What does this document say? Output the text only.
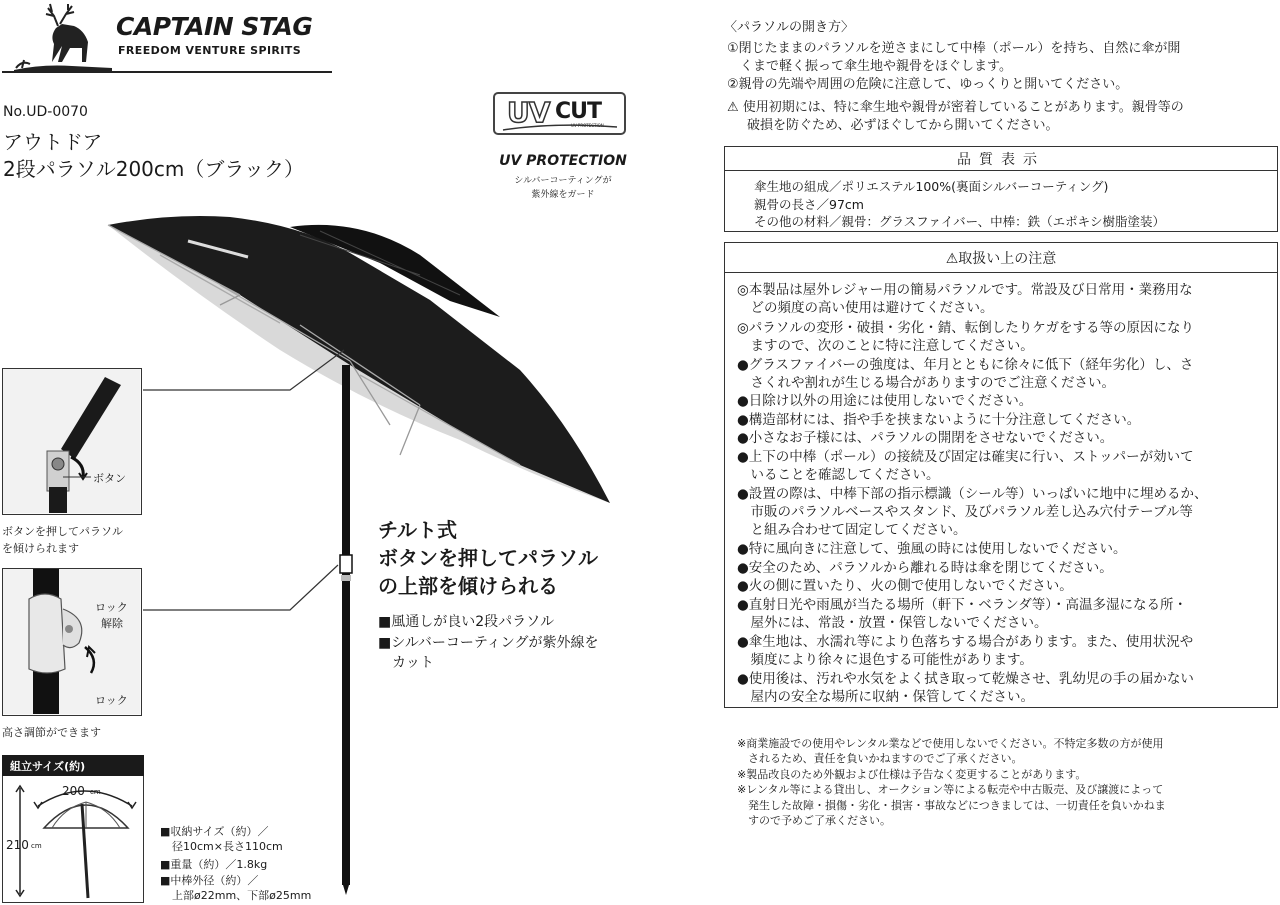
CAPTAIN STAG
FREEDOM VENTURE SPIRITS
No.UD-0070
アウトドア
2段パラソル200cm（ブラック）
UV CUT
UV PROTECTION
UV PROTECTION
シルバーコーティングが
紫外線をガード
ボタン
ボタンを押してパラソル
を傾けられます
ロック
解除
ロック
高さ調節ができます
組立サイズ(約)
200 cm
210 cm
■収納サイズ（約）／
径10cm×長さ110cm
■重量（約）／1.8kg
■中棒外径（約）／
上部ø22mm、下部ø25mm
チルト式
ボタンを押してパラソル
の上部を傾けられる
■風通しが良い2段パラソル
■シルバーコーティングが紫外線を
カット
〈パラソルの開き方〉
①閉じたままのパラソルを逆さまにして中棒（ポール）を持ち、自然に傘が開
くまで軽く振って傘生地や親骨をほぐします。
②親骨の先端や周囲の危険に注意して、ゆっくりと開いてください。
⚠ 使用初期には、特に傘生地や親骨が密着していることがあります。親骨等の
破損を防ぐため、必ずほぐしてから開いてください。
品質表示
傘生地の組成／ポリエステル100%(裏面シルバーコーティング)
親骨の長さ／97cm
その他の材料／親骨：グラスファイバー、中棒：鉄（エポキシ樹脂塗装）
⚠取扱い上の注意
◎本製品は屋外レジャー用の簡易パラソルです。常設及び日常用・業務用な
　どの頻度の高い使用は避けてください。
◎パラソルの変形・破損・劣化・錆、転倒したりケガをする等の原因になり
　ますので、次のことに特に注意してください。
●グラスファイバーの強度は、年月とともに徐々に低下（経年劣化）し、さ
　さくれや割れが生じる場合がありますのでご注意ください。
●日除け以外の用途には使用しないでください。
●構造部材には、指や手を挟まないように十分注意してください。
●小さなお子様には、パラソルの開閉をさせないでください。
●上下の中棒（ポール）の接続及び固定は確実に行い、ストッパーが効いて
　いることを確認してください。
●設置の際は、中棒下部の指示標識（シール等）いっぱいに地中に埋めるか、
　市販のパラソルベースやスタンド、及びパラソル差し込み穴付テーブル等
　と組み合わせて固定してください。
●特に風向きに注意して、強風の時には使用しないでください。
●安全のため、パラソルから離れる時は傘を閉じてください。
●火の側に置いたり、火の側で使用しないでください。
●直射日光や雨風が当たる場所（軒下・ベランダ等）・高温多湿になる所・
　屋外には、常設・放置・保管しないでください。
●傘生地は、水濡れ等により色落ちする場合があります。また、使用状況や
　頻度により徐々に退色する可能性があります。
●使用後は、汚れや水気をよく拭き取って乾燥させ、乳幼児の手の届かない
　屋内の安全な場所に収納・保管してください。
※商業施設での使用やレンタル業などで使用しないでください。不特定多数の方が使用
　されるため、責任を負いかねますのでご了承ください。
※製品改良のため外観および仕様は予告なく変更することがあります。
※レンタル等による貸出し、オークション等による転売や中古販売、及び譲渡によって
　発生した故障・損傷・劣化・損害・事故などにつきましては、一切責任を負いかねま
　すので予めご了承ください。
